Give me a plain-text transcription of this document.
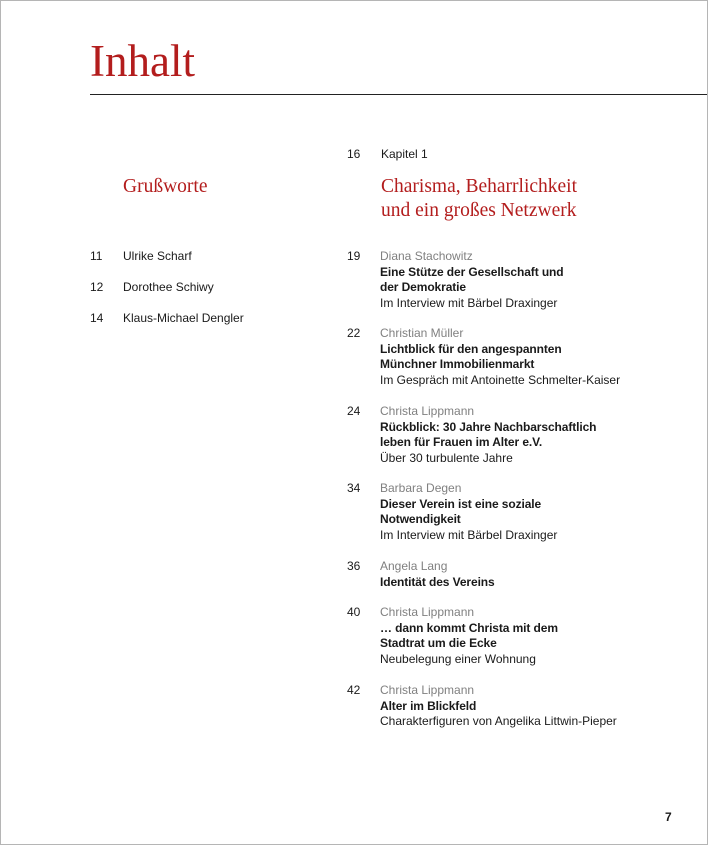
Inhalt
Grußworte
11 Ulrike Scharf
12 Dorothee Schiwy
14 Klaus-Michael Dengler
16 Kapitel 1
Charisma, Beharrlichkeit
und ein großes Netzwerk
19 Diana Stachowitz
Eine Stütze der Gesellschaft und
der Demokratie
Im Interview mit Bärbel Draxinger
22 Christian Müller
Lichtblick für den angespannten
Münchner Immobilienmarkt
Im Gespräch mit Antoinette Schmelter-Kaiser
24 Christa Lippmann
Rückblick: 30 Jahre Nachbarschaftlich
leben für Frauen im Alter e.V.
Über 30 turbulente Jahre
34 Barbara Degen
Dieser Verein ist eine soziale
Notwendigkeit
Im Interview mit Bärbel Draxinger
36 Angela Lang
Identität des Vereins
40 Christa Lippmann
… dann kommt Christa mit dem
Stadtrat um die Ecke
Neubelegung einer Wohnung
42 Christa Lippmann
Alter im Blickfeld
Charakterfiguren von Angelika Littwin-Pieper
7
